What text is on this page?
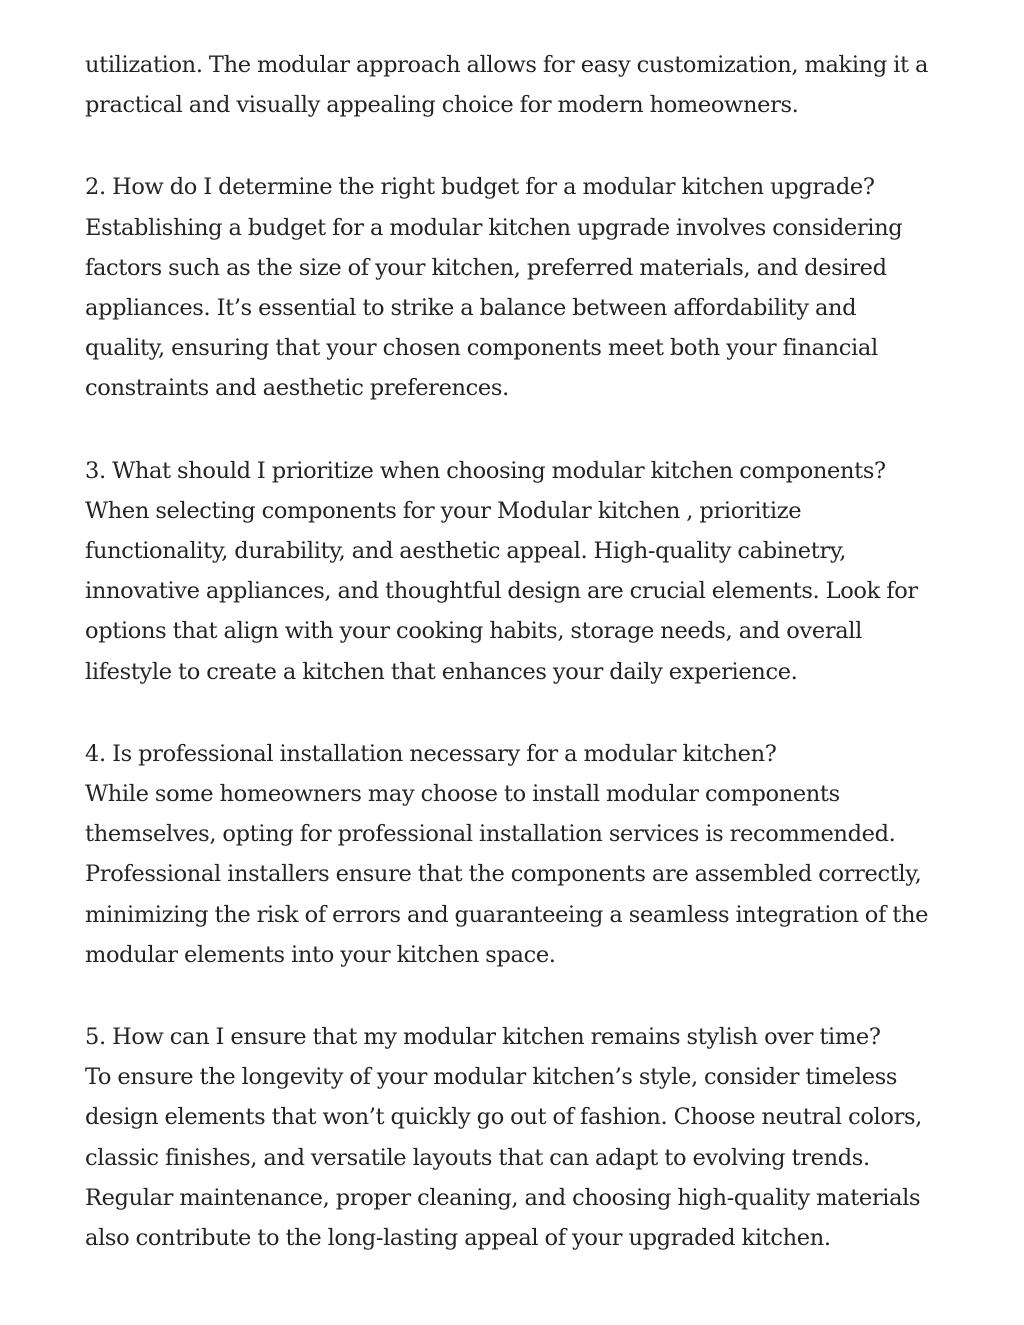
utilization. The modular approach allows for easy customization, making it a
practical and visually appealing choice for modern homeowners.

2. How do I determine the right budget for a modular kitchen upgrade?
Establishing a budget for a modular kitchen upgrade involves considering
factors such as the size of your kitchen, preferred materials, and desired
appliances. It’s essential to strike a balance between affordability and
quality, ensuring that your chosen components meet both your financial
constraints and aesthetic preferences.

3. What should I prioritize when choosing modular kitchen components?
When selecting components for your Modular kitchen , prioritize
functionality, durability, and aesthetic appeal. High-quality cabinetry,
innovative appliances, and thoughtful design are crucial elements. Look for
options that align with your cooking habits, storage needs, and overall
lifestyle to create a kitchen that enhances your daily experience.

4. Is professional installation necessary for a modular kitchen?
While some homeowners may choose to install modular components
themselves, opting for professional installation services is recommended.
Professional installers ensure that the components are assembled correctly,
minimizing the risk of errors and guaranteeing a seamless integration of the
modular elements into your kitchen space.

5. How can I ensure that my modular kitchen remains stylish over time?
To ensure the longevity of your modular kitchen’s style, consider timeless
design elements that won’t quickly go out of fashion. Choose neutral colors,
classic finishes, and versatile layouts that can adapt to evolving trends.
Regular maintenance, proper cleaning, and choosing high-quality materials
also contribute to the long-lasting appeal of your upgraded kitchen.
